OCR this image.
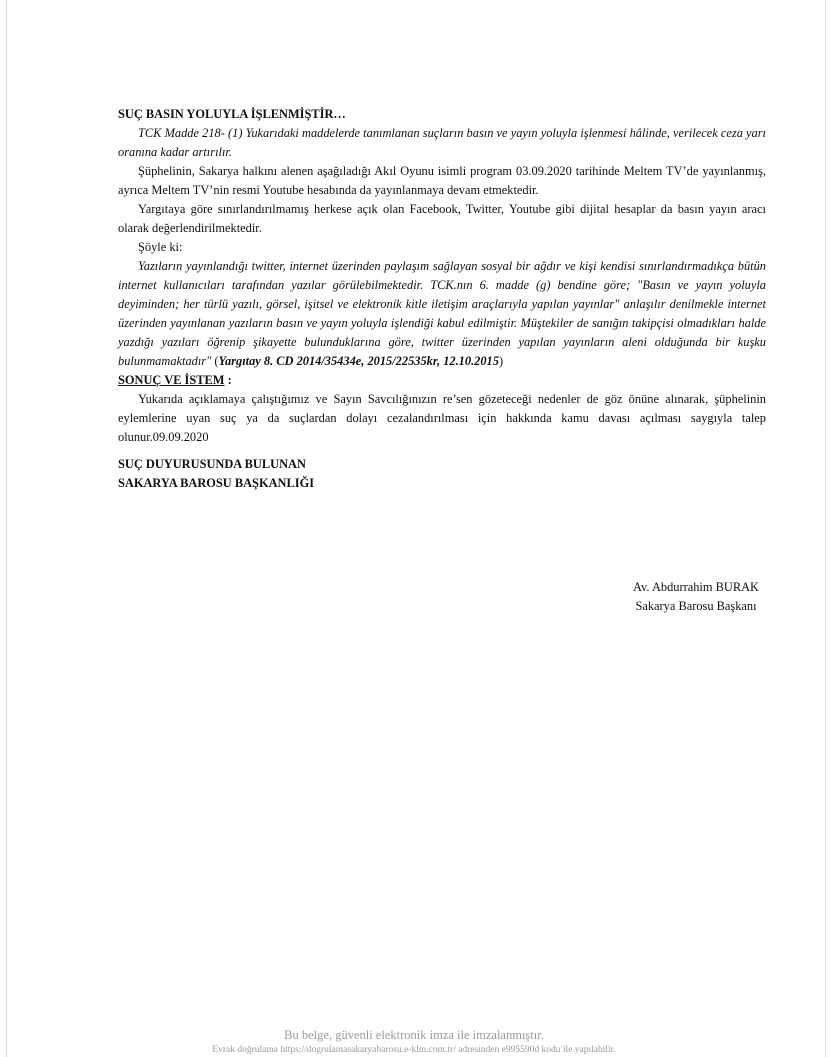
SUÇ BASIN YOLUYLA İŞLENMİŞTİR…

TCK Madde 218- (1) Yukarıdaki maddelerde tanımlanan suçların basın ve yayın yoluyla işlenmesi hâlinde, verilecek ceza yarı oranına kadar artırılır.

Şüphelinin, Sakarya halkını alenen aşağıladığı Akıl Oyunu isimli program 03.09.2020 tarihinde Meltem TV’de yayınlanmış, ayrıca Meltem TV’nin resmi Youtube hesabında da yayınlanmaya devam etmektedir.

Yargıtaya göre sınırlandırılmamış herkese açık olan Facebook, Twitter, Youtube gibi dijital hesaplar da basın yayın aracı olarak değerlendirilmektedir.

Şöyle ki:

Yazıların yayınlandığı twitter, internet üzerinden paylaşım sağlayan sosyal bir ağdır ve kişi kendisi sınırlandırmadıkça bütün internet kullanıcıları tarafından yazılar görülebilmektedir. TCK.nın 6. madde (g) bendine göre; "Basın ve yayın yoluyla deyiminden; her türlü yazılı, görsel, işitsel ve elektronik kitle iletişim araçlarıyla yapılan yayınlar" anlaşılır denilmekle internet üzerinden yayınlanan yazıların basın ve yayın yoluyla işlendiği kabul edilmiştir. Müştekiler de sanığın takipçisi olmadıkları halde yazdığı yazıları öğrenip şikayette bulunduklarına göre, twitter üzerinden yapılan yayınların aleni olduğunda bir kuşku bulunmamaktadır" (Yargıtay 8. CD 2014/35434e, 2015/22535kr, 12.10.2015)

SONUÇ VE İSTEM :

Yukarıda açıklamaya çalıştığımız ve Sayın Savcılığınızın re’sen gözeteceği nedenler de göz önüne alınarak, şüphelinin eylemlerine uyan suç ya da suçlardan dolayı cezalandırılması için hakkında kamu davası açılması saygıyla talep olunur.09.09.2020

SUÇ DUYURUSUNDA BULUNAN

SAKARYA BAROSU BAŞKANLIĞI

Av. Abdurrahim BURAK
Sakarya Barosu Başkanı
Bu belge, güvenli elektronik imza ile imzalanmıştır.
Evrak doğrulama https://dogrulamasakaryabarosu.e-klm.com.tr/ adresinden e995590d kodu ile yapılabilir.
